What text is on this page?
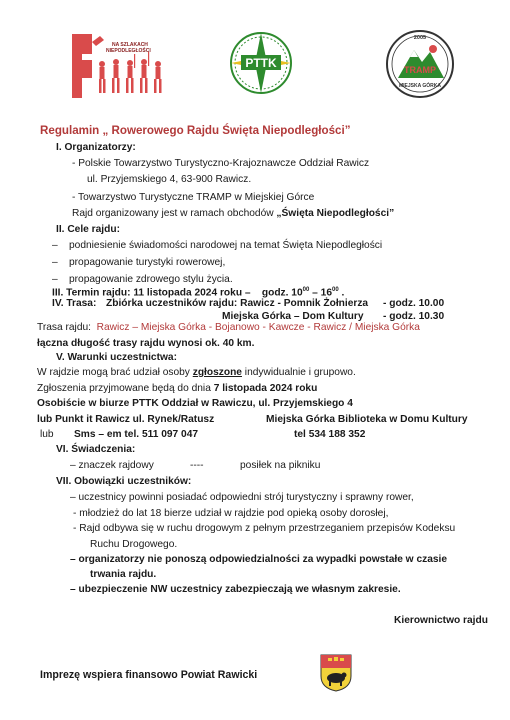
NA SZLAKACH
NIEPODLEGŁOŚCI
PTTK
2005
TRAMP
MIEJSKA GÓRKA
Regulamin „ Rowerowego Rajdu Święta Niepodległości”
I. Organizatorzy:
- Polskie Towarzystwo Turystyczno-Krajoznawcze Oddział Rawicz
ul. Przyjemskiego 4, 63-900 Rawicz.
- Towarzystwo Turystyczne TRAMP w Miejskiej Górce
Rajd organizowany jest w ramach obchodów „Święta Niepodległości”
II. Cele rajdu:
–    podniesienie świadomości narodowej na temat Święta Niepodległości
–    propagowanie turystyki rowerowej,
–    propagowanie zdrowego stylu życia.
III. Termin rajdu: 11 listopada 2024 roku – godz. $10^{00} - 16^{00}$ .
IV. Trasa: Zbiórka uczestników rajdu: Rawicz - Pomnik Żołnierza - godz. 10.00
Miejska Górka – Dom Kultury - godz. 10.30
Trasa rajdu: Rawicz – Miejska Górka - Bojanowo - Kawcze - Rawicz / Miejska Górka
łączna długość trasy rajdu wynosi ok. 40 km.
V. Warunki uczestnictwa:
W rajdzie mogą brać udział osoby zgłoszone indywidualnie i grupowo.
Zgłoszenia przyjmowane będą do dnia 7 listopada 2024 roku
Osobiście w biurze PTTK Oddział w Rawiczu, ul. Przyjemskiego 4
lub Punkt it Rawicz ul. Rynek/Ratusz	Miejska Górka Biblioteka w Domu Kultury
lub Sms – em tel. 511 097 047	tel 534 188 352
VI. Świadczenia:
– znaczek rajdowy	----	posiłek na pikniku
VII. Obowiązki uczestników:
– uczestnicy powinni posiadać odpowiedni strój turystyczny i sprawny rower,
- młodzież do lat 18 bierze udział w rajdzie pod opieką osoby dorosłej,
- Rajd odbywa się w ruchu drogowym z pełnym przestrzeganiem przepisów Kodeksu
Ruchu Drogowego.
– organizatorzy nie ponoszą odpowiedzialności za wypadki powstałe w czasie
trwania rajdu.
– ubezpieczenie NW uczestnicy zabezpieczają we własnym zakresie.
Kierownictwo rajdu
Imprezę wspiera finansowo Powiat Rawicki
